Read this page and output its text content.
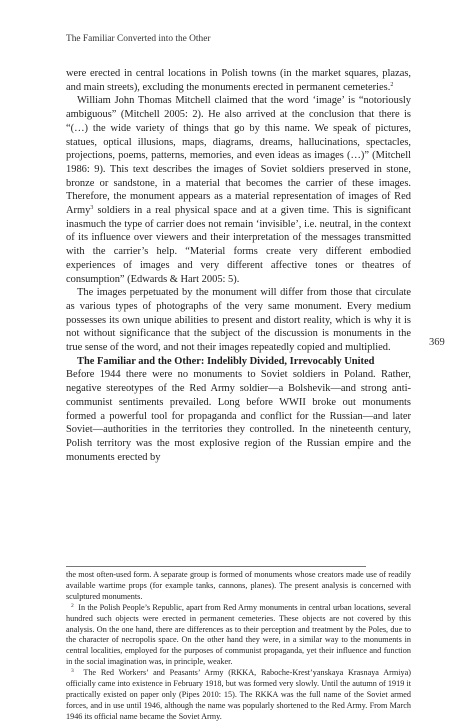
The Familiar Converted into the Other

were erected in central locations in Polish towns (in the market squares, plazas, and main streets), excluding the monuments erected in permanent cemeteries.$^2$

William John Thomas Mitchell claimed that the word ‘image’ is “notoriously ambiguous” (Mitchell 2005: 2). He also arrived at the conclusion that there is “(…) the wide variety of things that go by this name. We speak of pictures, statues, optical illusions, maps, diagrams, dreams, hallucinations, spectacles, projections, poems, patterns, memories, and even ideas as images (…)” (Mitchell 1986: 9). This text describes the images of Soviet soldiers preserved in stone, bronze or sandstone, in a material that becomes the carrier of these images. Therefore, the monument appears as a material representation of images of Red Army$^3$ soldiers in a real physical space and at a given time. This is significant inasmuch the type of carrier does not remain ‘invisible’, i.e. neutral, in the context of its influence over viewers and their interpretation of the messages transmitted with the carrier’s help. “Material forms create very different embodied experiences of images and very different affective tones or theatres of consumption” (Edwards & Hart 2005: 5).

The images perpetuated by the monument will differ from those that circulate as various types of photographs of the very same monument. Every medium possesses its own unique abilities to present and distort reality, which is why it is not without significance that the subject of the discussion is monuments in the true sense of the word, and not their images repeatedly copied and multiplied.

The Familiar and the Other: Indelibly Divided, Irrevocably United

Before 1944 there were no monuments to Soviet soldiers in Poland. Rather, negative stereotypes of the Red Army soldier—a Bolshevik—and strong anti-communist sentiments prevailed. Long before WWII broke out monuments formed a powerful tool for propaganda and conflict for the Russian—and later Soviet—authorities in the territories they controlled. In the nineteenth century, Polish territory was the most explosive region of the Russian empire and the monuments erected by

369

the most often-used form. A separate group is formed of monuments whose creators made use of readily available wartime props (for example tanks, cannons, planes). The present analysis is concerned with sculptured monuments.

$^2$ In the Polish People’s Republic, apart from Red Army monuments in central urban locations, several hundred such objects were erected in permanent cemeteries. These objects are not covered by this analysis. On the one hand, there are differences as to their perception and treatment by the Poles, due to the character of necropolis space. On the other hand they were, in a similar way to the monuments in central localities, employed for the purposes of communist propaganda, yet their influence and function in the social imagination was, in principle, weaker.

$^3$ The Red Workers’ and Peasants’ Army (RKKA, Raboche-Krest’yanskaya Krasnaya Armiya) officially came into existence in February 1918, but was formed very slowly. Until the autumn of 1919 it practically existed on paper only (Pipes 2010: 15). The RKKA was the full name of the Soviet armed forces, and in use until 1946, although the name was popularly shortened to the Red Army. From March 1946 its official name became the Soviet Army.
